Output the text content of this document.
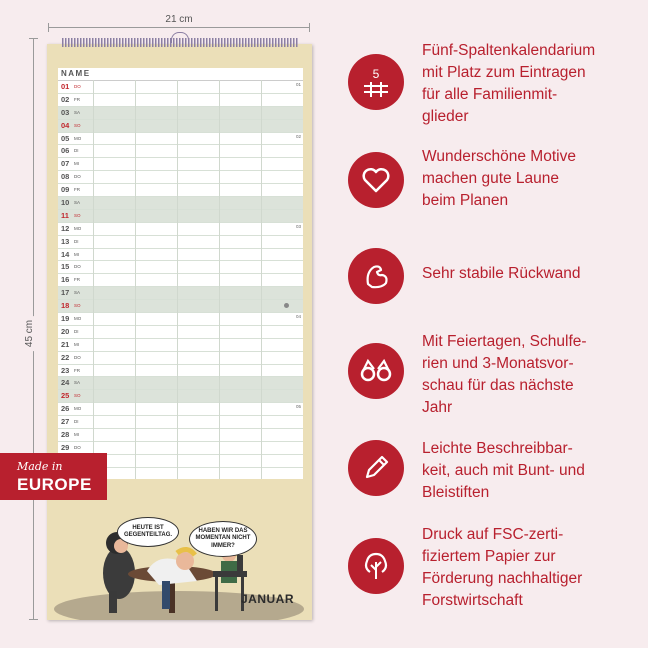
21 cm
45 cm
NAME
01 DO	01
02 FR
03 SA
04 SO
05 MO	02
06 DI
07 MI
08 DO
09 FR
10 SA
11 SO
12 MO	03
13 DI
14 MI
15 DO
16 FR
17 SA
18 SO
19 MO	04
20 DI
21 MI
22 DO
23 FR
24 SA
25 SO
26 MO	05
27 DI
28 MI
29 DO
HEUTE IST GEGENTEILTAG.
HABEN WIR DAS MOMENTAN NICHT IMMER?
JANUAR
Made in
EUROPE
5
Fünf-Spaltenkalendarium
mit Platz zum Eintragen
für alle Familienmit-
glieder
Wunderschöne Motive
machen gute Laune
beim Planen
Sehr stabile Rückwand
Mit Feiertagen, Schulfe-
rien und 3-Monatsvor-
schau für das nächste
Jahr
Leichte Beschreibbar-
keit, auch mit Bunt- und
Bleistiften
Druck auf FSC-zerti-
fiziertem Papier zur
Förderung nachhaltiger
Forstwirtschaft
